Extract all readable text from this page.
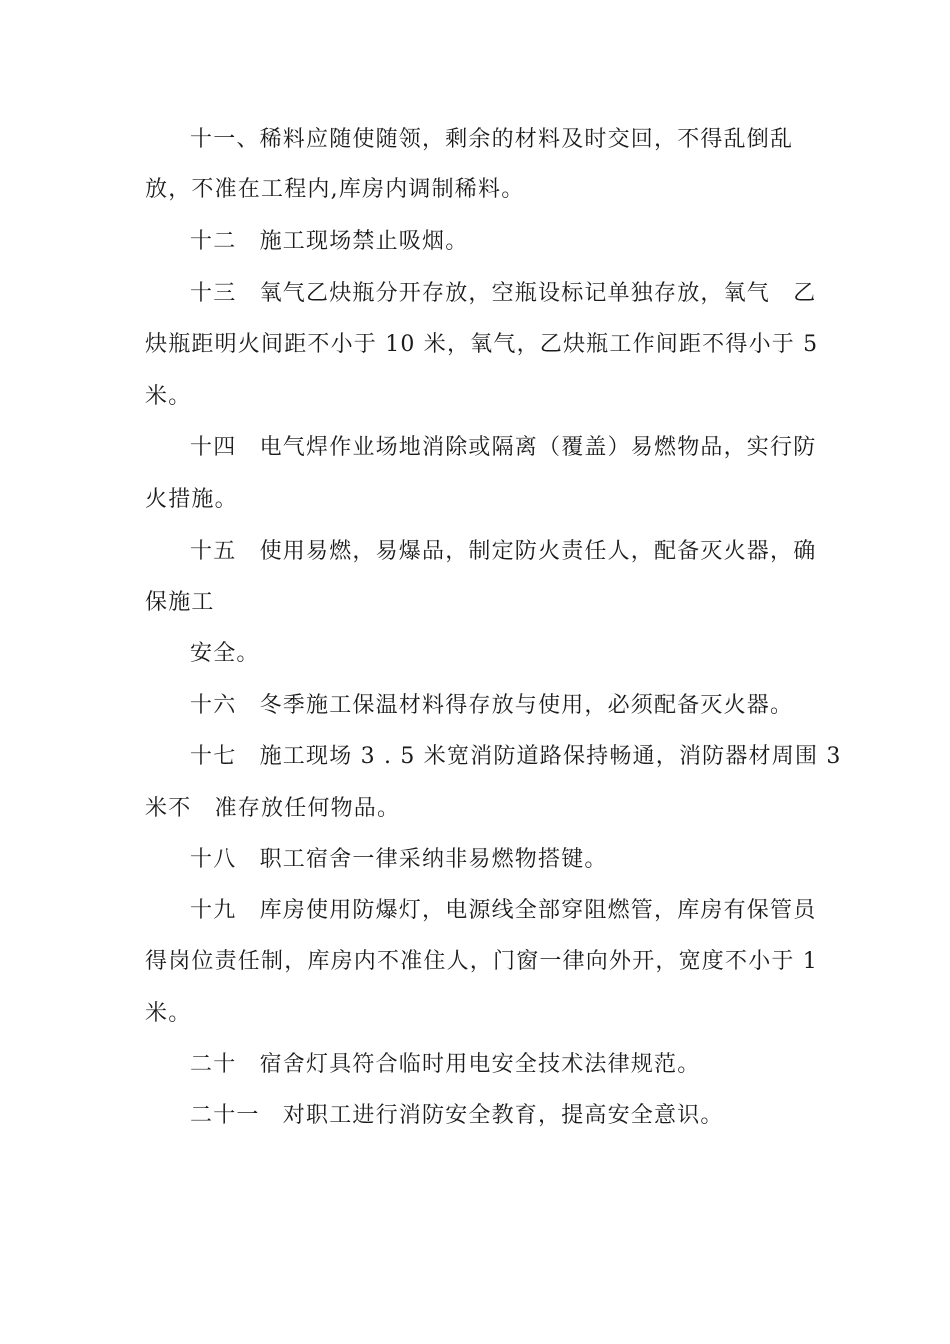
十一、稀料应随使随领，剩余的材料及时交回，不得乱倒乱
放，不准在工程内,库房内调制稀料。
十二　施工现场禁止吸烟。
十三　氧气乙炔瓶分开存放，空瓶设标记单独存放，氧气　乙
炔瓶距明火间距不小于 10 米，氧气，乙炔瓶工作间距不得小于 5
米。
十四　电气焊作业场地消除或隔离（覆盖）易燃物品，实行防
火措施。
十五　使用易燃，易爆品，制定防火责任人，配备灭火器，确
保施工
安全。
十六　冬季施工保温材料得存放与使用，必须配备灭火器。
十七　施工现场 3 . 5 米宽消防道路保持畅通，消防器材周围 3
米不　准存放任何物品。
十八　职工宿舍一律采纳非易燃物搭键。
十九　库房使用防爆灯，电源线全部穿阻燃管，库房有保管员
得岗位责任制，库房内不准住人，门窗一律向外开，宽度不小于 1
米。
二十　宿舍灯具符合临时用电安全技术法律规范。
二十一　对职工进行消防安全教育，提高安全意识。
